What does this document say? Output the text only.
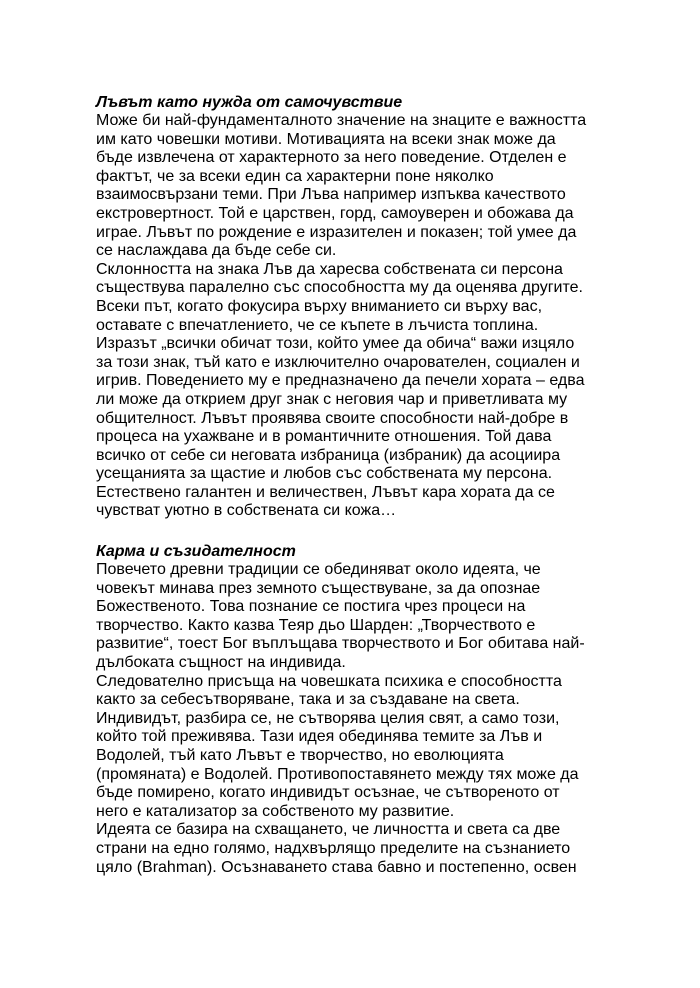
Лъвът като нужда от самочувствие
Може би най-фундаменталното значение на знаците е важността
им като човешки мотиви. Мотивацията на всеки знак може да
бъде извлечена от характерното за него поведение. Отделен е
фактът, че за всеки един са характерни поне няколко
взаимосвързани теми. При Лъва например изпъква качеството
екстровертност. Той е царствен, горд, самоуверен и обожава да
играе. Лъвът по рождение е изразителен и показен; той умее да
се наслаждава да бъде себе си.
Склонността на знака Лъв да харесва собствената си персона
съществува паралелно със способността му да оценява другите.
Всеки път, когато фокусира върху вниманието си върху вас,
оставате с впечатлението, че се къпете в лъчиста топлина.
Изразът „всички обичат този, който умее да обича“ важи изцяло
за този знак, тъй като е изключително очарователен, социален и
игрив. Поведението му е предназначено да печели хората – едва
ли може да открием друг знак с неговия чар и приветливата му
общителност. Лъвът проявява своите способности най-добре в
процеса на ухажване и в романтичните отношения. Той дава
всичко от себе си неговата избраница (избраник) да асоциира
усещанията за щастие и любов със собствената му персона.
Естествено галантен и величествен, Лъвът кара хората да се
чувстват уютно в собствената си кожа…
Карма и съзидателност
Повечето древни традиции се обединяват около идеята, че
човекът минава през земното съществуване, за да опознае
Божественото. Това познание се постига чрез процеси на
творчество. Както казва Теяр дьо Шарден: „Творчеството е
развитие“, тоест Бог въплъщава творчеството и Бог обитава най-
дълбоката същност на индивида.
Следователно присъща на човешката психика е способността
както за себесътворяване, така и за създаване на света.
Индивидът, разбира се, не сътворява целия свят, а само този,
който той преживява. Тази идея обединява темите за Лъв и
Водолей, тъй като Лъвът е творчество, но еволюцията
(промяната) е Водолей. Противопоставянето между тях може да
бъде помирено, когато индивидът осъзнае, че сътвореното от
него е катализатор за собственото му развитие.
Идеята се базира на схващането, че личността и света са две
страни на едно голямо, надхвърлящо пределите на съзнанието
цяло (Brahman). Осъзнаването става бавно и постепенно, освен
